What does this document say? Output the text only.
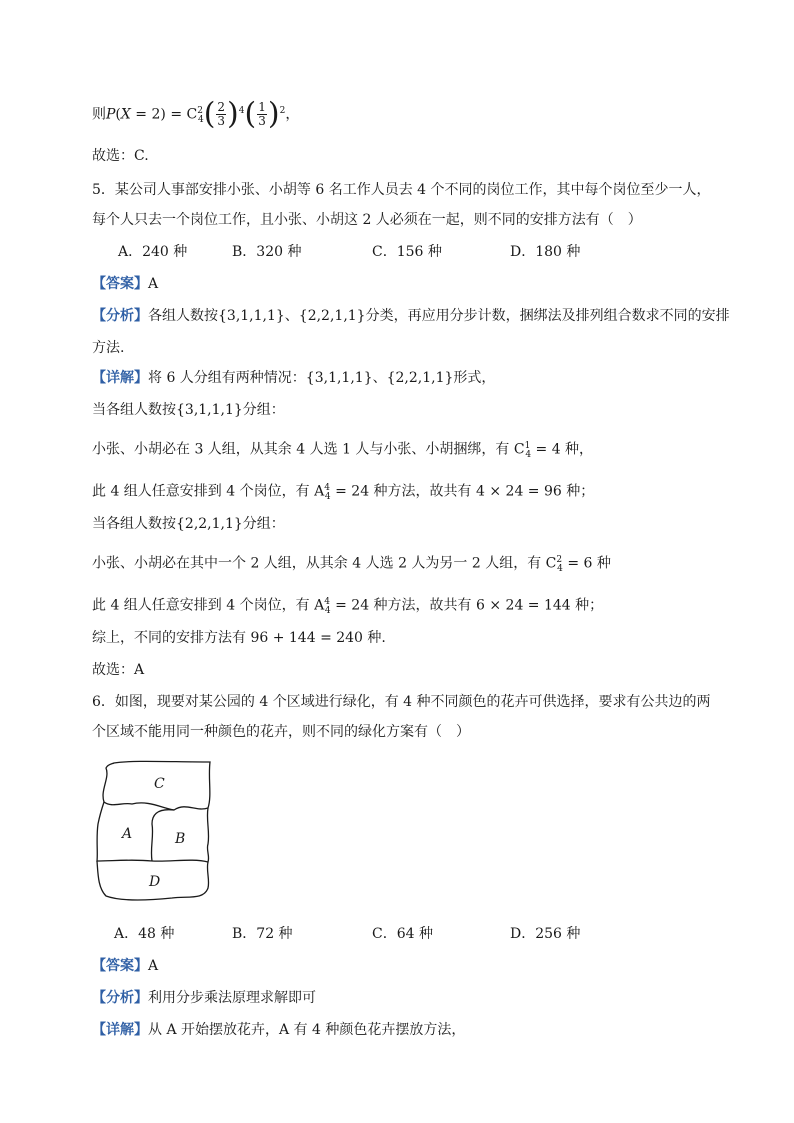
则$P(X = 2) = C^2_4( \frac{2}{3} )^4( \frac{1}{3} )^2$，
故选：C.
5．某公司人事部安排小张、小胡等 6 名工作人员去 4 个不同的岗位工作，其中每个岗位至少一人，
每个人只去一个岗位工作，且小张、小胡这 2 人必须在一起，则不同的安排方法有（　）
A．240 种	B．320 种	C．156 种	D．180 种
【答案】A
【分析】各组人数按{3,1,1,1}、{2,2,1,1}分类，再应用分步计数，捆绑法及排列组合数求不同的安排
方法.
【详解】将 6 人分组有两种情况：{3,1,1,1}、{2,2,1,1}形式，
当各组人数按{3,1,1,1}分组：
小张、小胡必在 3 人组，从其余 4 人选 1 人与小张、小胡捆绑，有 $C^1_4 = 4$ 种，
此 4 组人任意安排到 4 个岗位，有 $A^4_4 = 24$ 种方法，故共有 4 × 24 = 96 种；
当各组人数按{2,2,1,1}分组：
小张、小胡必在其中一个 2 人组，从其余 4 人选 2 人为另一 2 人组，有 $C^2_4 = 6$ 种
此 4 组人任意安排到 4 个岗位，有 $A^4_4 = 24$ 种方法，故共有 6 × 24 = 144 种；
综上，不同的安排方法有 96 + 144 = 240 种.
故选：A
6．如图，现要对某公园的 4 个区域进行绿化，有 4 种不同颜色的花卉可供选择，要求有公共边的两
个区域不能用同一种颜色的花卉，则不同的绿化方案有（　）
C
A	B
D
A．48 种	B．72 种	C．64 种	D．256 种
【答案】A
【分析】利用分步乘法原理求解即可
【详解】从 A 开始摆放花卉，A 有 4 种颜色花卉摆放方法，
